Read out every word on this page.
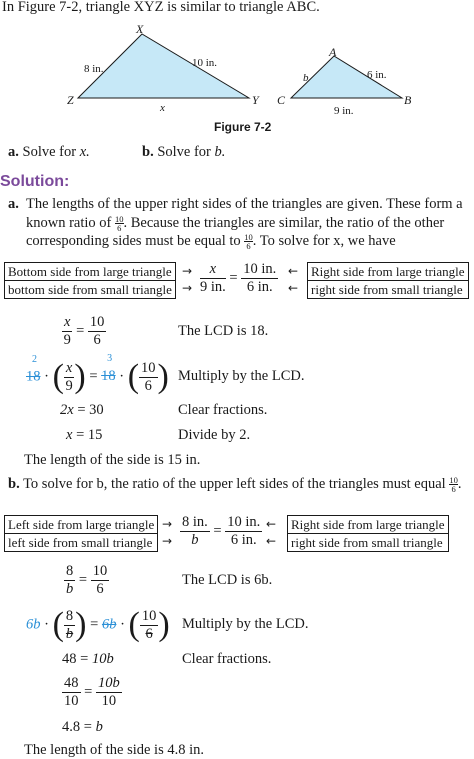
In Figure 7-2, triangle XYZ is similar to triangle ABC.
X
Y
Z
8 in.	10 in.
x
A
B
C
b	6 in.
9 in.
Figure 7-2
a. Solve for x.	b. Solve for b.
Solution:
a. The lengths of the upper right sides of the triangles are given. These form a known ratio of $\frac{10}{6}$ . Because the triangles are similar, the ratio of the other corresponding sides must be equal to $\frac{10}{6}$ . To solve for x, we have
Bottom side from large triangle
bottom side from small triangle
→
→ $\frac{x}{9 in.} = \frac{10 in.}{6 in.}$ ←
←
Right side from large triangle
right side from small triangle
$\frac{x}{9} = \frac{10}{6}$	The LCD is 18.
2
18 · ( $\frac{x}{9}$ ) =
3
18 · ( $\frac{10}{6}$ ) Multiply by the LCD.
2x = 30	Clear fractions.
x = 15	Divide by 2.
The length of the side is 15 in.
b. To solve for b, the ratio of the upper left sides of the triangles must equal $\frac{10}{6}$ .
Left side from large triangle
left side from small triangle
→
→ $\frac{8 in.}{b} = \frac{10 in.}{6 in.}$ ←
←
Right side from large triangle
right side from small triangle
$\frac{8}{b} = \frac{10}{6}$	The LCD is 6b.
6b · ( $\frac{8}{b}$ ) = 6b · ( $\frac{10}{6}$ ) Multiply by the LCD.
48 = 10b	Clear fractions.
$\frac{48}{10} = \frac{10b}{10}$
4.8 = b
The length of the side is 4.8 in.
